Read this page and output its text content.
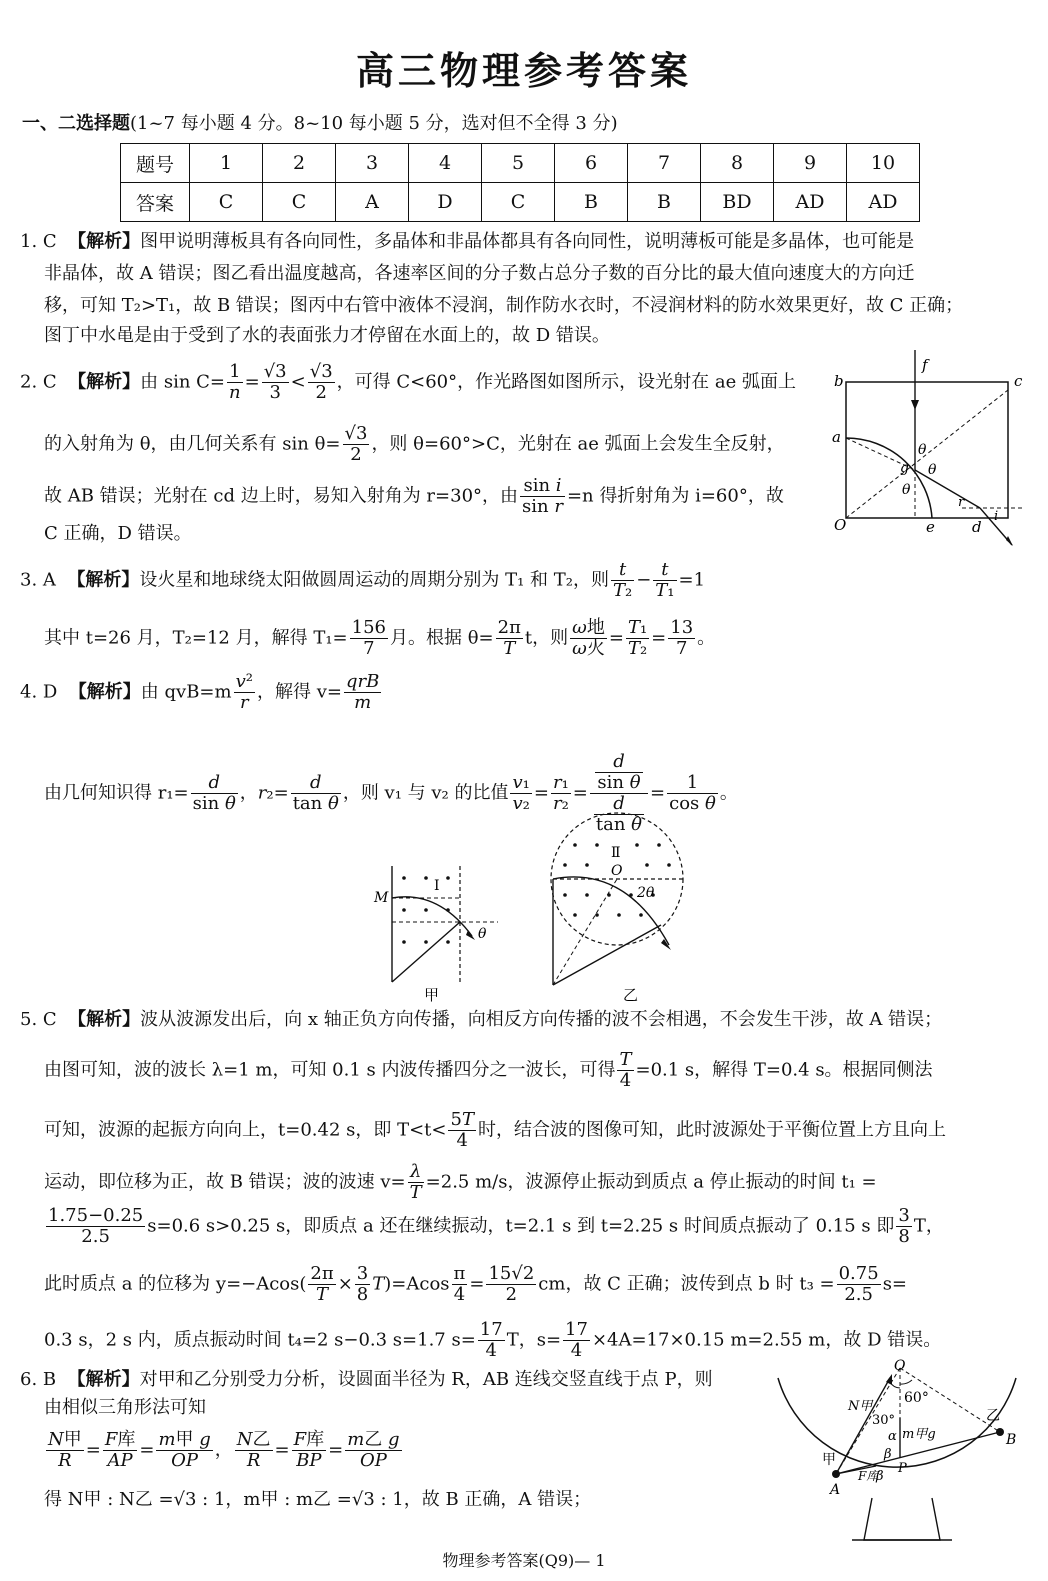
高三物理参考答案
一、二选择题(1~7 每小题 4 分。8~10 每小题 5 分，选对但不全得 3 分)
题号	1	2	3	4	5	6	7	8	9	10
答案	C	C	A	D	C	B	B	BD	AD	AD
1. C  【解析】图甲说明薄板具有各向同性，多晶体和非晶体都具有各向同性，说明薄板可能是多晶体，也可能是
非晶体，故 A 错误；图乙看出温度越高，各速率区间的分子数占总分子数的百分比的最大值向速度大的方向迁
移，可知 T₂>T₁，故 B 错误；图丙中右管中液体不浸润，制作防水衣时，不浸润材料的防水效果更好，故 C 正确；
图丁中水黾是由于受到了水的表面张力才停留在水面上的，故 D 错误。
2. C  【解析】由 $\sin C= \frac{1}{n} = \frac{√3}{3} < \frac{√3}{2}$ ，可得 C<60°，作光路图如图所示，设光射在 ae 弧面上
的入射角为 θ，由几何关系有 $\sin \theta= \frac{√3}{2}$ ，则 θ=60°>C，光射在 ae 弧面上会发生全反射，
故 AB 错误；光射在 cd 边上时，易知入射角为 r=30°，由 $\frac{\text{sin i}}{\text{sin r}} =n$ 得折射角为 i=60°，故
C 正确，D 错误。
b
f
c
a
g
θ
θ
θ
r
i
O	e d
3. A  【解析】设火星和地球绕太阳做圆周运动的周期分别为 T₁ 和 T₂，则 $\frac{t}{\text{T₂}} - \frac{t}{\text{T₁}} =1$
其中 t=26 月，T₂=12 月，解得 $T_1= \frac{156}{7}$ 月。根据 $\theta= \frac{2\pi}{T}$ t，则 $\frac{\text{ω地}}{\text{ω火}} = \frac{\text{T₁}}{\text{T₂}} = \frac{13}{7}$ 。
4. D  【解析】由 $qvB=m \frac{\text{v²}}{r}$ ，解得 $v= \frac{\text{qrB}}{m}$
由几何知识得 $r_1= \frac{d}{\text{sin θ}}$ ，$r_2= \frac{d}{\text{tan θ}}$ ，则 v₁ 与 v₂ 的比值 $\frac{\text{v₁}}{\text{v₂}} = \frac{\text{r₁}}{\text{r₂}} = \frac{\frac{d}{\text{sin θ}}}{\frac{d}{\text{tan θ}}} = \frac{1}{\text{cos θ}}$ 。
M
Ⅰ
θ
甲
Ⅱ
O
2θ
乙
5. C  【解析】波从波源发出后，向 x 轴正负方向传播，向相反方向传播的波不会相遇，不会发生干涉，故 A 错误；
由图可知，波的波长 λ=1 m，可知 0.1 s 内波传播四分之一波长，可得 $\frac{T}{4} =0.1$ s，解得 T=0.4 s。根据同侧法
可知，波源的起振方向向上，t=0.42 s，即 $T<t< \frac{5T}{4}$ 时，结合波的图像可知，此时波源处于平衡位置上方且向上
运动，即位移为正，故 B 错误；波的波速 $v= \frac{\lambda}{T} =2.5$ m/s，波源停止振动到质点 a 停止振动的时间 t₁ =
$\frac{1.75-0.25}{2.5} s=0.6$ s>0.25 s，即质点 a 还在继续振动，t=2.1 s 到 t=2.25 s 时间质点振动了 0.15 s 即 $\frac{3}{8}$ T，
此时质点 a 的位移为 $y=-Acos( \frac{2\pi}{T} \times \frac{3}{8} T)=Acos \frac{\pi}{4} = \frac{15√2}{2}$ cm，故 C 正确；波传到点 b 时 $t_3 = \frac{0.75}{2.5} s=$
0.3 s，2 s 内，质点振动时间 t₄=2 s−0.3 s=1.7 $s= \frac{17}{4}$ T，$s= \frac{17}{4} \times 4A=17\times 0.15$ m=2.55 m，故 D 错误。
6. B  【解析】对甲和乙分别受力分析，设圆面半径为 R，AB 连线交竖直线于点 P，则
由相似三角形法可知
$\frac{\text{N甲}}{R} = \frac{\text{F库}}{AP} = \frac{\text{m甲 g}}{OP}$ ， $\frac{\text{N乙}}{R} = \frac{\text{F库}}{BP} = \frac{\text{m乙 g}}{OP}$
得 N甲 : N乙 =√3 : 1，m甲 : m乙 =√3 : 1，故 B 正确，A 错误；
O
60°
30°
N甲
α m甲g
β
β
P
F库
乙
B
甲
A
物理参考答案(Q9)— 1
